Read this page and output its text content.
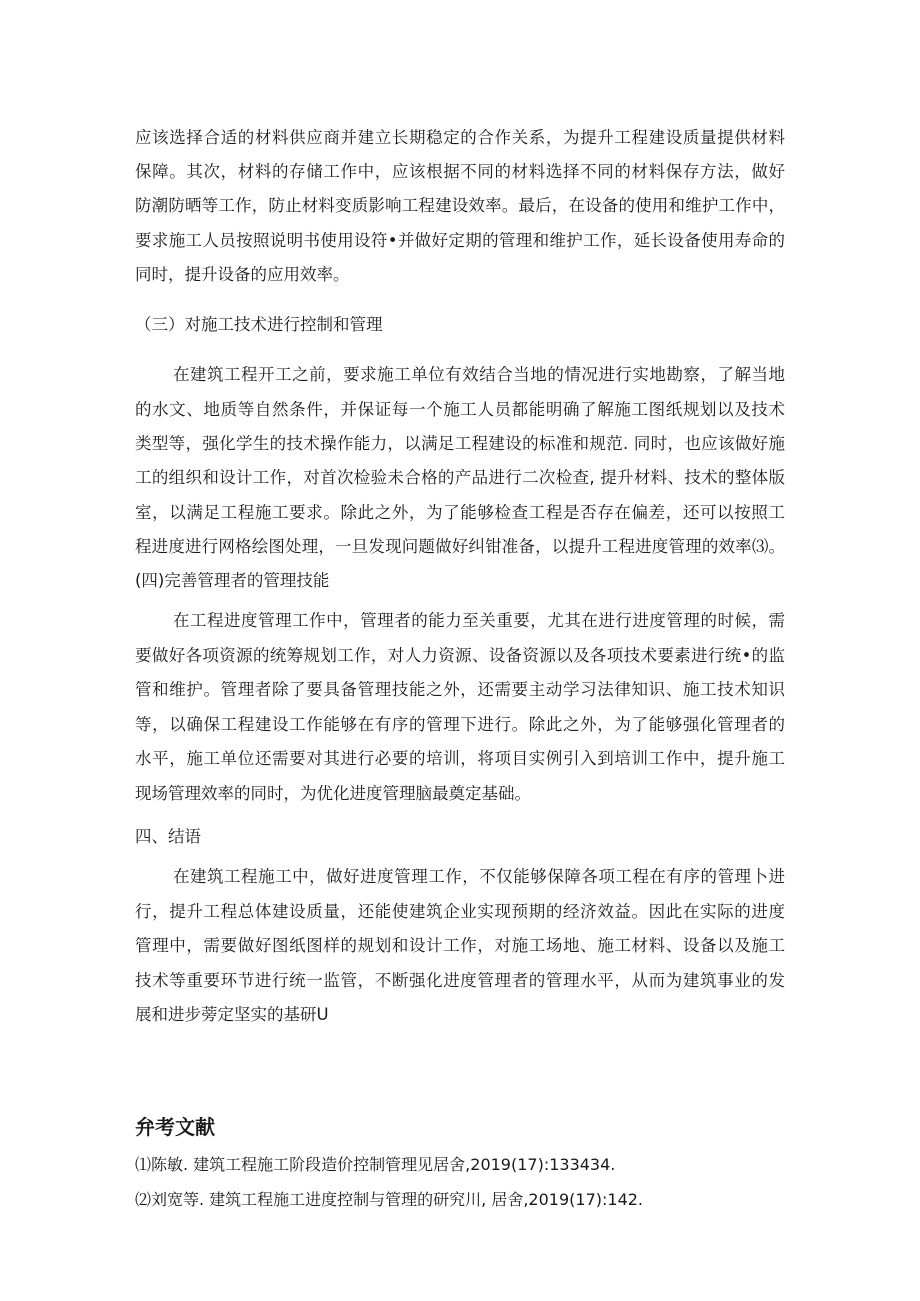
应该选择合适的材料供应商并建立长期稳定的合作关系，为提升工程建设质量提供材料
保障。其次，材料的存储工作中，应该根据不同的材料选择不同的材料保存方法，做好
防潮防晒等工作，防止材料变质影响工程建设效率。最后，在设备的使用和维护工作中，
要求施工人员按照说明书使用设符•并做好定期的管理和维护工作，延长设备使用寿命的
同时，提升设备的应用效率。
（三）对施工技术进行控制和管理
在建筑工程开工之前，要求施工单位有效结合当地的情况进行实地勘察，了解当地
的水文、地质等自然条件，并保证每一个施工人员都能明确了解施工图纸规划以及技术
类型等，强化学生的技术操作能力，以满足工程建设的标准和规范. 同时，也应该做好施
工的组织和设计工作，对首次检验未合格的产品进行二次检查, 提升材料、技术的整体版
室，以满足工程施工要求。除此之外，为了能够检查工程是否存在偏差，还可以按照工
程进度进行网格绘图处理，一旦发现问题做好纠钳准备，以提升工程进度管理的效率⑶。
(四)完善管理者的管理技能
在工程进度管理工作中，管理者的能力至关重要，尤其在进行进度管理的时候，需
要做好各项资源的统筹规划工作，对人力资源、设备资源以及各项技术要素进行统•的监
管和维护。管理者除了要具备管理技能之外，还需要主动学习法律知识、施工技术知识
等，以确保工程建设工作能够在有序的管理下进行。除此之外，为了能够强化管理者的
水平，施工单位还需要对其进行必要的培训，将项目实例引入到培训工作中，提升施工
现场管理效率的同时，为优化进度管理脑最奠定基础。
四、结语
在建筑工程施工中，做好进度管理工作，不仅能够保障各项工程在有序的管理卜进
行，提升工程总体建设质量，还能使建筑企业实现预期的经济效益。因此在实际的进度
管理中，需要做好图纸图样的规划和设计工作，对施工场地、施工材料、设备以及施工
技术等重要环节进行统一监管，不断强化进度管理者的管理水平，从而为建筑事业的发
展和进步蒡定坚实的基研U
弁考文献
⑴陈敏. 建筑工程施工阶段造价控制管理见居舍,2019(17):133434.
⑵刘宽等. 建筑工程施工进度控制与管理的研究川, 居舍,2019(17):142.
